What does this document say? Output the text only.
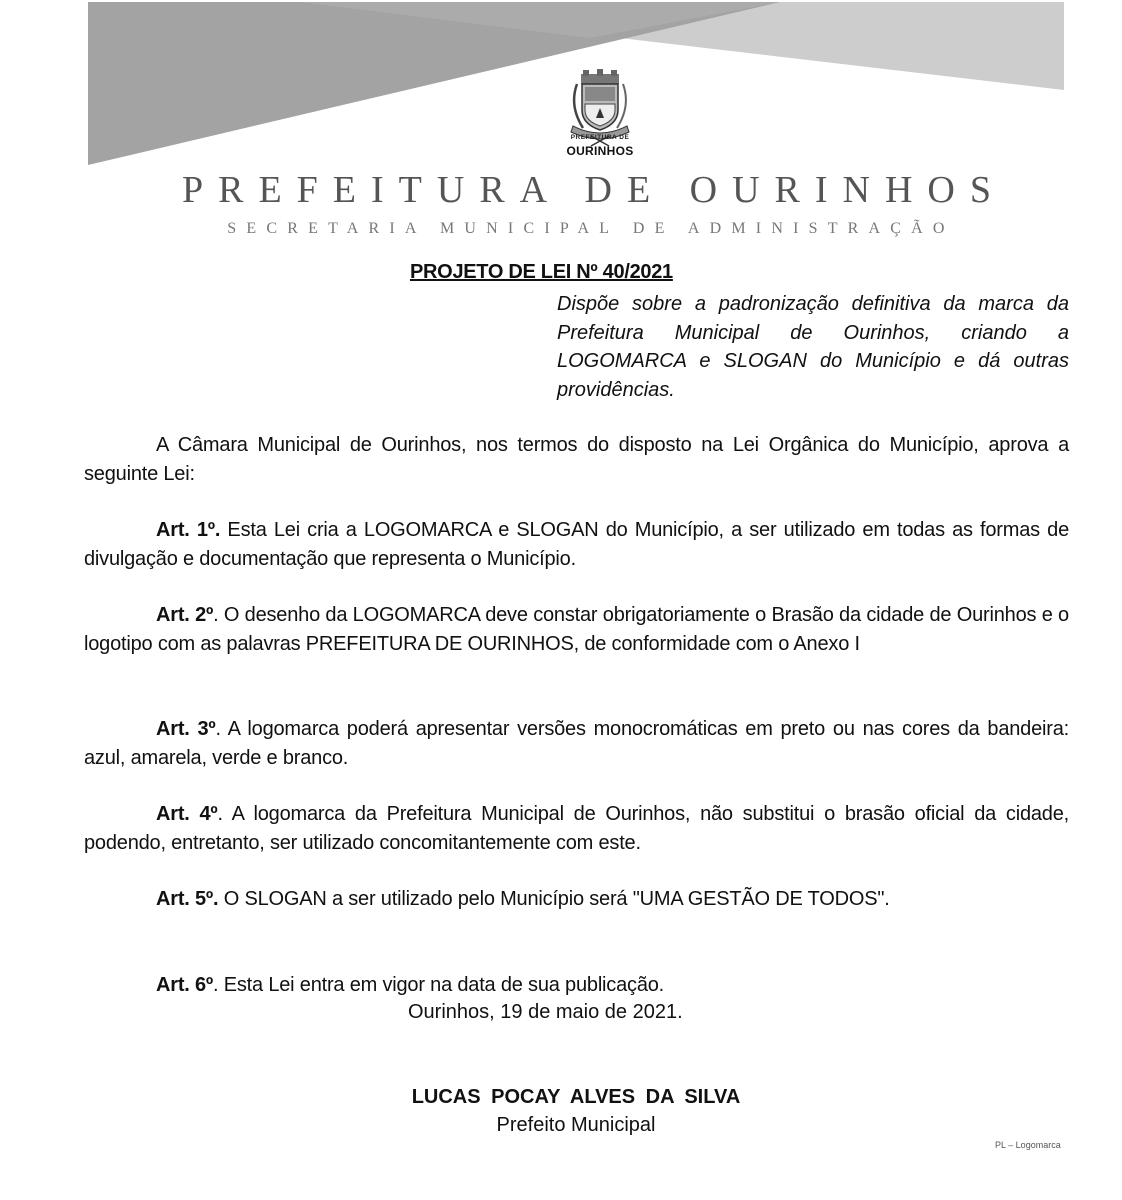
PREFEITURA DE
OURINHOS
PREFEITURA DE OURINHOS
SECRETARIA MUNICIPAL DE ADMINISTRAÇÃO
PROJETO DE LEI Nº 40/2021
Dispõe sobre a padronização definitiva da marca da Prefeitura Municipal de Ourinhos, criando a LOGOMARCA e SLOGAN do Município e dá outras providências.
A Câmara Municipal de Ourinhos, nos termos do disposto na Lei Orgânica do Município, aprova a seguinte Lei:
Art. 1º. Esta Lei cria a LOGOMARCA e SLOGAN do Município, a ser utilizado em todas as formas de divulgação e documentação que representa o Município.
Art. 2º. O desenho da LOGOMARCA deve constar obrigatoriamente o Brasão da cidade de Ourinhos e o logotipo com as palavras PREFEITURA DE OURINHOS, de conformidade com o Anexo I
Art. 3º. A logomarca poderá apresentar versões monocromáticas em preto ou nas cores da bandeira: azul, amarela, verde e branco.
Art. 4º. A logomarca da Prefeitura Municipal de Ourinhos, não substitui o brasão oficial da cidade, podendo, entretanto, ser utilizado concomitantemente com este.
Art. 5º. O SLOGAN a ser utilizado pelo Município será "UMA GESTÃO DE TODOS".
Art. 6º. Esta Lei entra em vigor na data de sua publicação.
Ourinhos, 19 de maio de 2021.
LUCAS POCAY ALVES DA SILVA
Prefeito Municipal
PL – Logomarca
